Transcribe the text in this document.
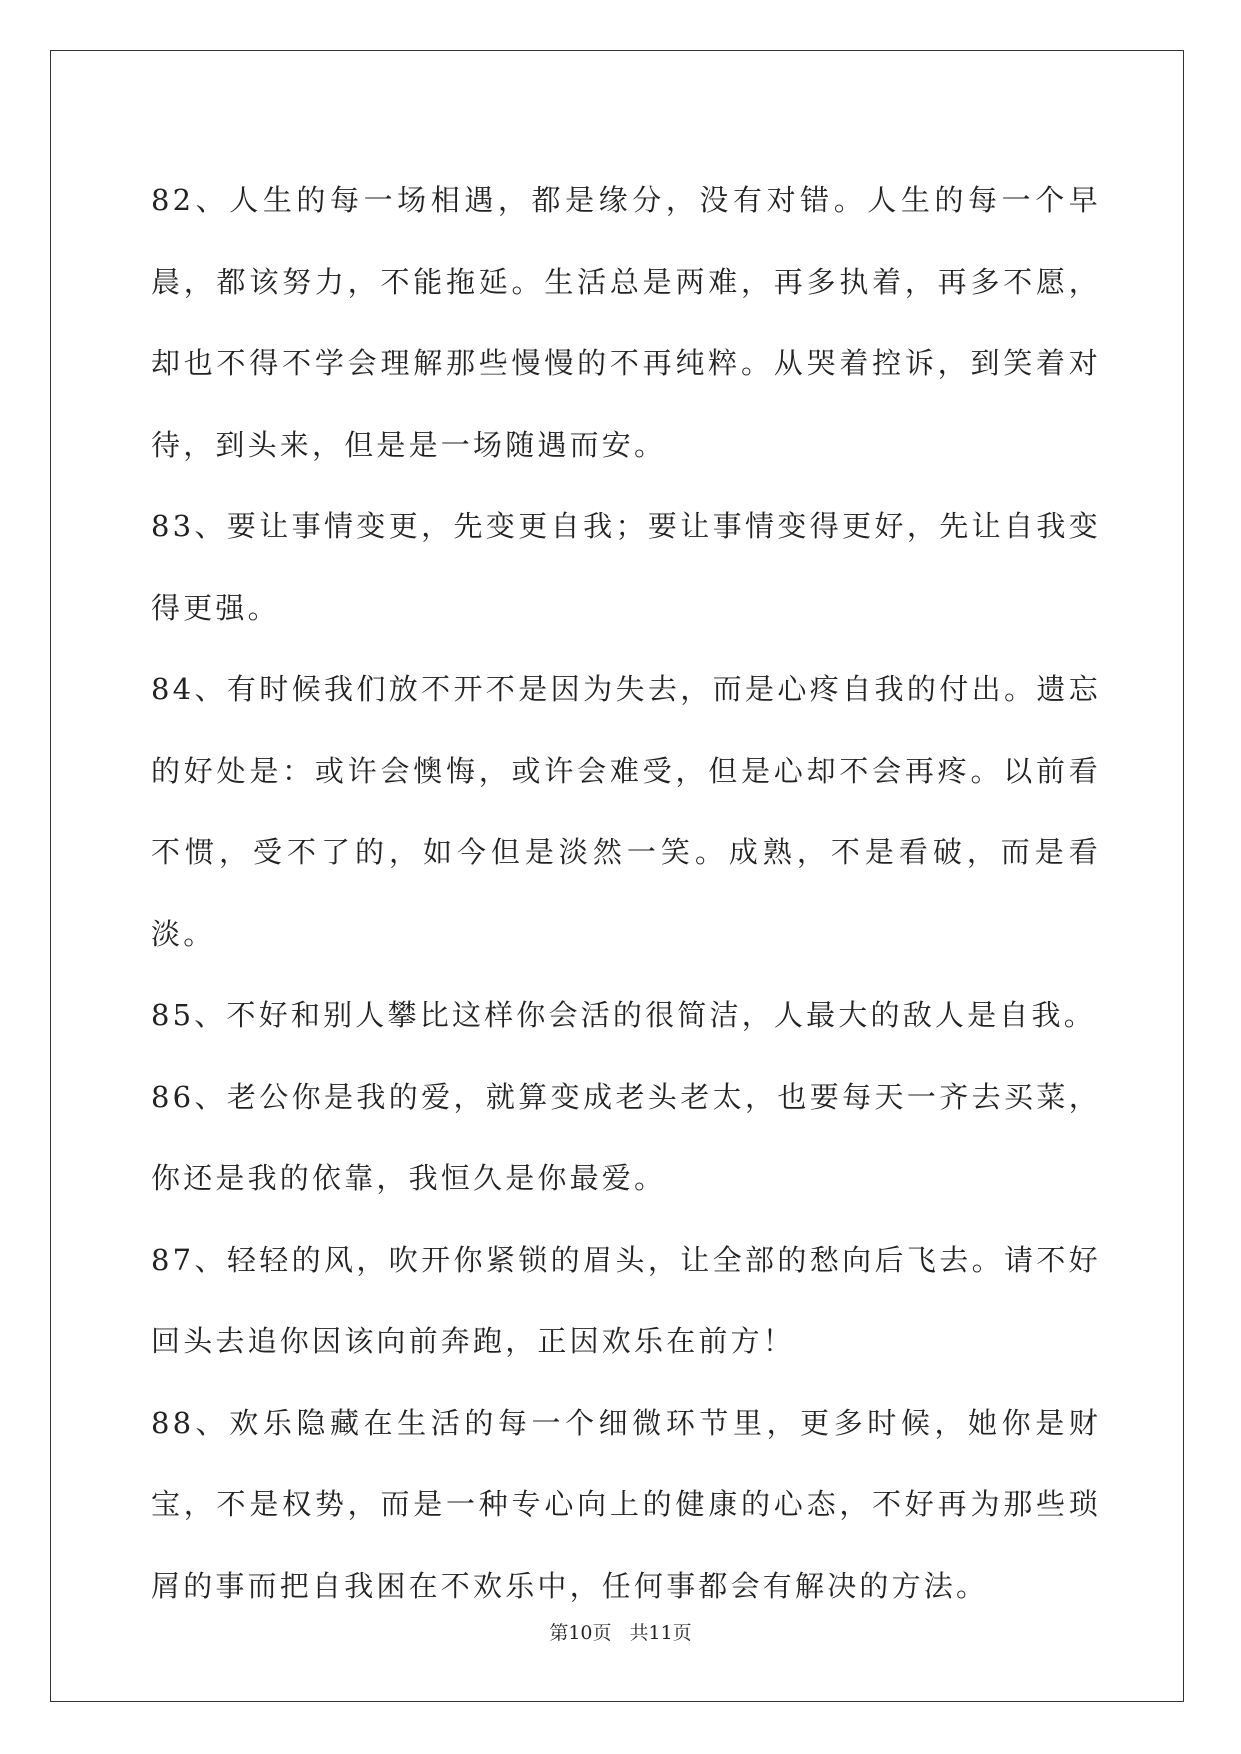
82、人生的每一场相遇，都是缘分，没有对错。人生的每一个早晨，都该努力，不能拖延。生活总是两难，再多执着，再多不愿，却也不得不学会理解那些慢慢的不再纯粹。从哭着控诉，到笑着对待，到头来，但是是一场随遇而安。

83、要让事情变更，先变更自我；要让事情变得更好，先让自我变得更强。

84、有时候我们放不开不是因为失去，而是心疼自我的付出。遗忘的好处是：或许会懊悔，或许会难受，但是心却不会再疼。以前看不惯，受不了的，如今但是淡然一笑。成熟，不是看破，而是看淡。

85、不好和别人攀比这样你会活的很简洁，人最大的敌人是自我。

86、老公你是我的爱，就算变成老头老太，也要每天一齐去买菜，你还是我的依靠，我恒久是你最爱。

87、轻轻的风，吹开你紧锁的眉头，让全部的愁向后飞去。请不好回头去追你因该向前奔跑，正因欢乐在前方！

88、欢乐隐藏在生活的每一个细微环节里，更多时候，她你是财宝，不是权势，而是一种专心向上的健康的心态，不好再为那些琐屑的事而把自我困在不欢乐中，任何事都会有解决的方法。

第10页 共11页
